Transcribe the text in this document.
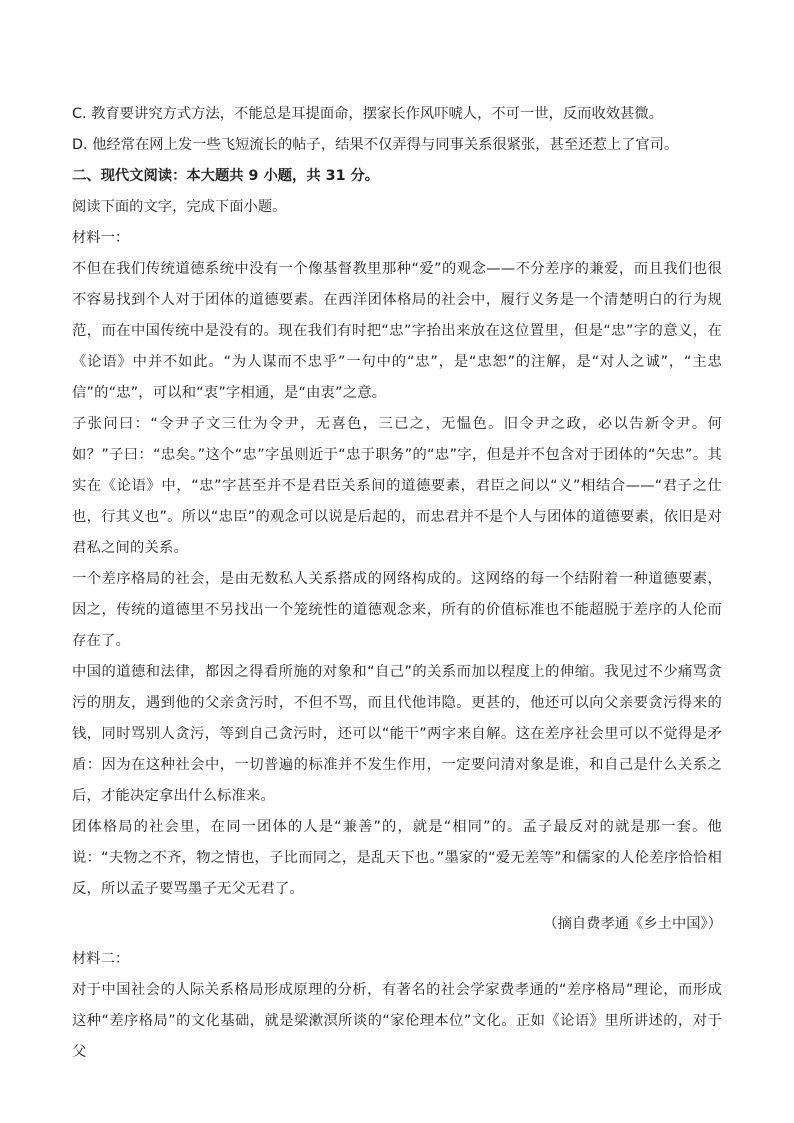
C. 教育要讲究方式方法，不能总是耳提面命，摆家长作风吓唬人，不可一世，反而收效甚微。

D. 他经常在网上发一些飞短流长的帖子，结果不仅弄得与同事关系很紧张，甚至还惹上了官司。

二、现代文阅读：本大题共 9 小题，共 31 分。

阅读下面的文字，完成下面小题。

材料一：

不但在我们传统道德系统中没有一个像基督教里那种“爱”的观念——不分差序的兼爱，而且我们也很不容易找到个人对于团体的道德要素。在西洋团体格局的社会中，履行义务是一个清楚明白的行为规范，而在中国传统中是没有的。现在我们有时把“忠”字抬出来放在这位置里，但是“忠”字的意义，在《论语》中并不如此。“为人谋而不忠乎”一句中的“忠”，是“忠恕”的注解，是“对人之诚”，“主忠信”的“忠”，可以和“衷”字相通，是“由衷”之意。

子张问曰：“令尹子文三仕为令尹，无喜色，三已之，无愠色。旧令尹之政，必以告新令尹。何如？”子曰：“忠矣。”这个“忠”字虽则近于“忠于职务”的“忠”字，但是并不包含对于团体的“矢忠”。其实在《论语》中，“忠”字甚至并不是君臣关系间的道德要素，君臣之间以“义”相结合——“君子之仕也，行其义也”。所以“忠臣”的观念可以说是后起的，而忠君并不是个人与团体的道德要素，依旧是对君私之间的关系。

一个差序格局的社会，是由无数私人关系搭成的网络构成的。这网络的每一个结附着一种道德要素，因之，传统的道德里不另找出一个笼统性的道德观念来，所有的价值标准也不能超脱于差序的人伦而存在了。

中国的道德和法律，都因之得看所施的对象和“自己”的关系而加以程度上的伸缩。我见过不少痛骂贪污的朋友，遇到他的父亲贪污时，不但不骂，而且代他讳隐。更甚的，他还可以向父亲要贪污得来的钱，同时骂别人贪污，等到自己贪污时，还可以“能干”两字来自解。这在差序社会里可以不觉得是矛盾：因为在这种社会中，一切普遍的标准并不发生作用，一定要问清对象是谁，和自己是什么关系之后，才能决定拿出什么标准来。

团体格局的社会里，在同一团体的人是“兼善”的，就是“相同”的。孟子最反对的就是那一套。他说：“夫物之不齐，物之情也，子比而同之，是乱天下也。”墨家的“爱无差等”和儒家的人伦差序恰恰相反，所以孟子要骂墨子无父无君了。

（摘自费孝通《乡土中国》）

材料二：

对于中国社会的人际关系格局形成原理的分析，有著名的社会学家费孝通的“差序格局”理论，而形成这种“差序格局”的文化基础，就是梁漱溟所谈的“家伦理本位”文化。正如《论语》里所讲述的，对于父
